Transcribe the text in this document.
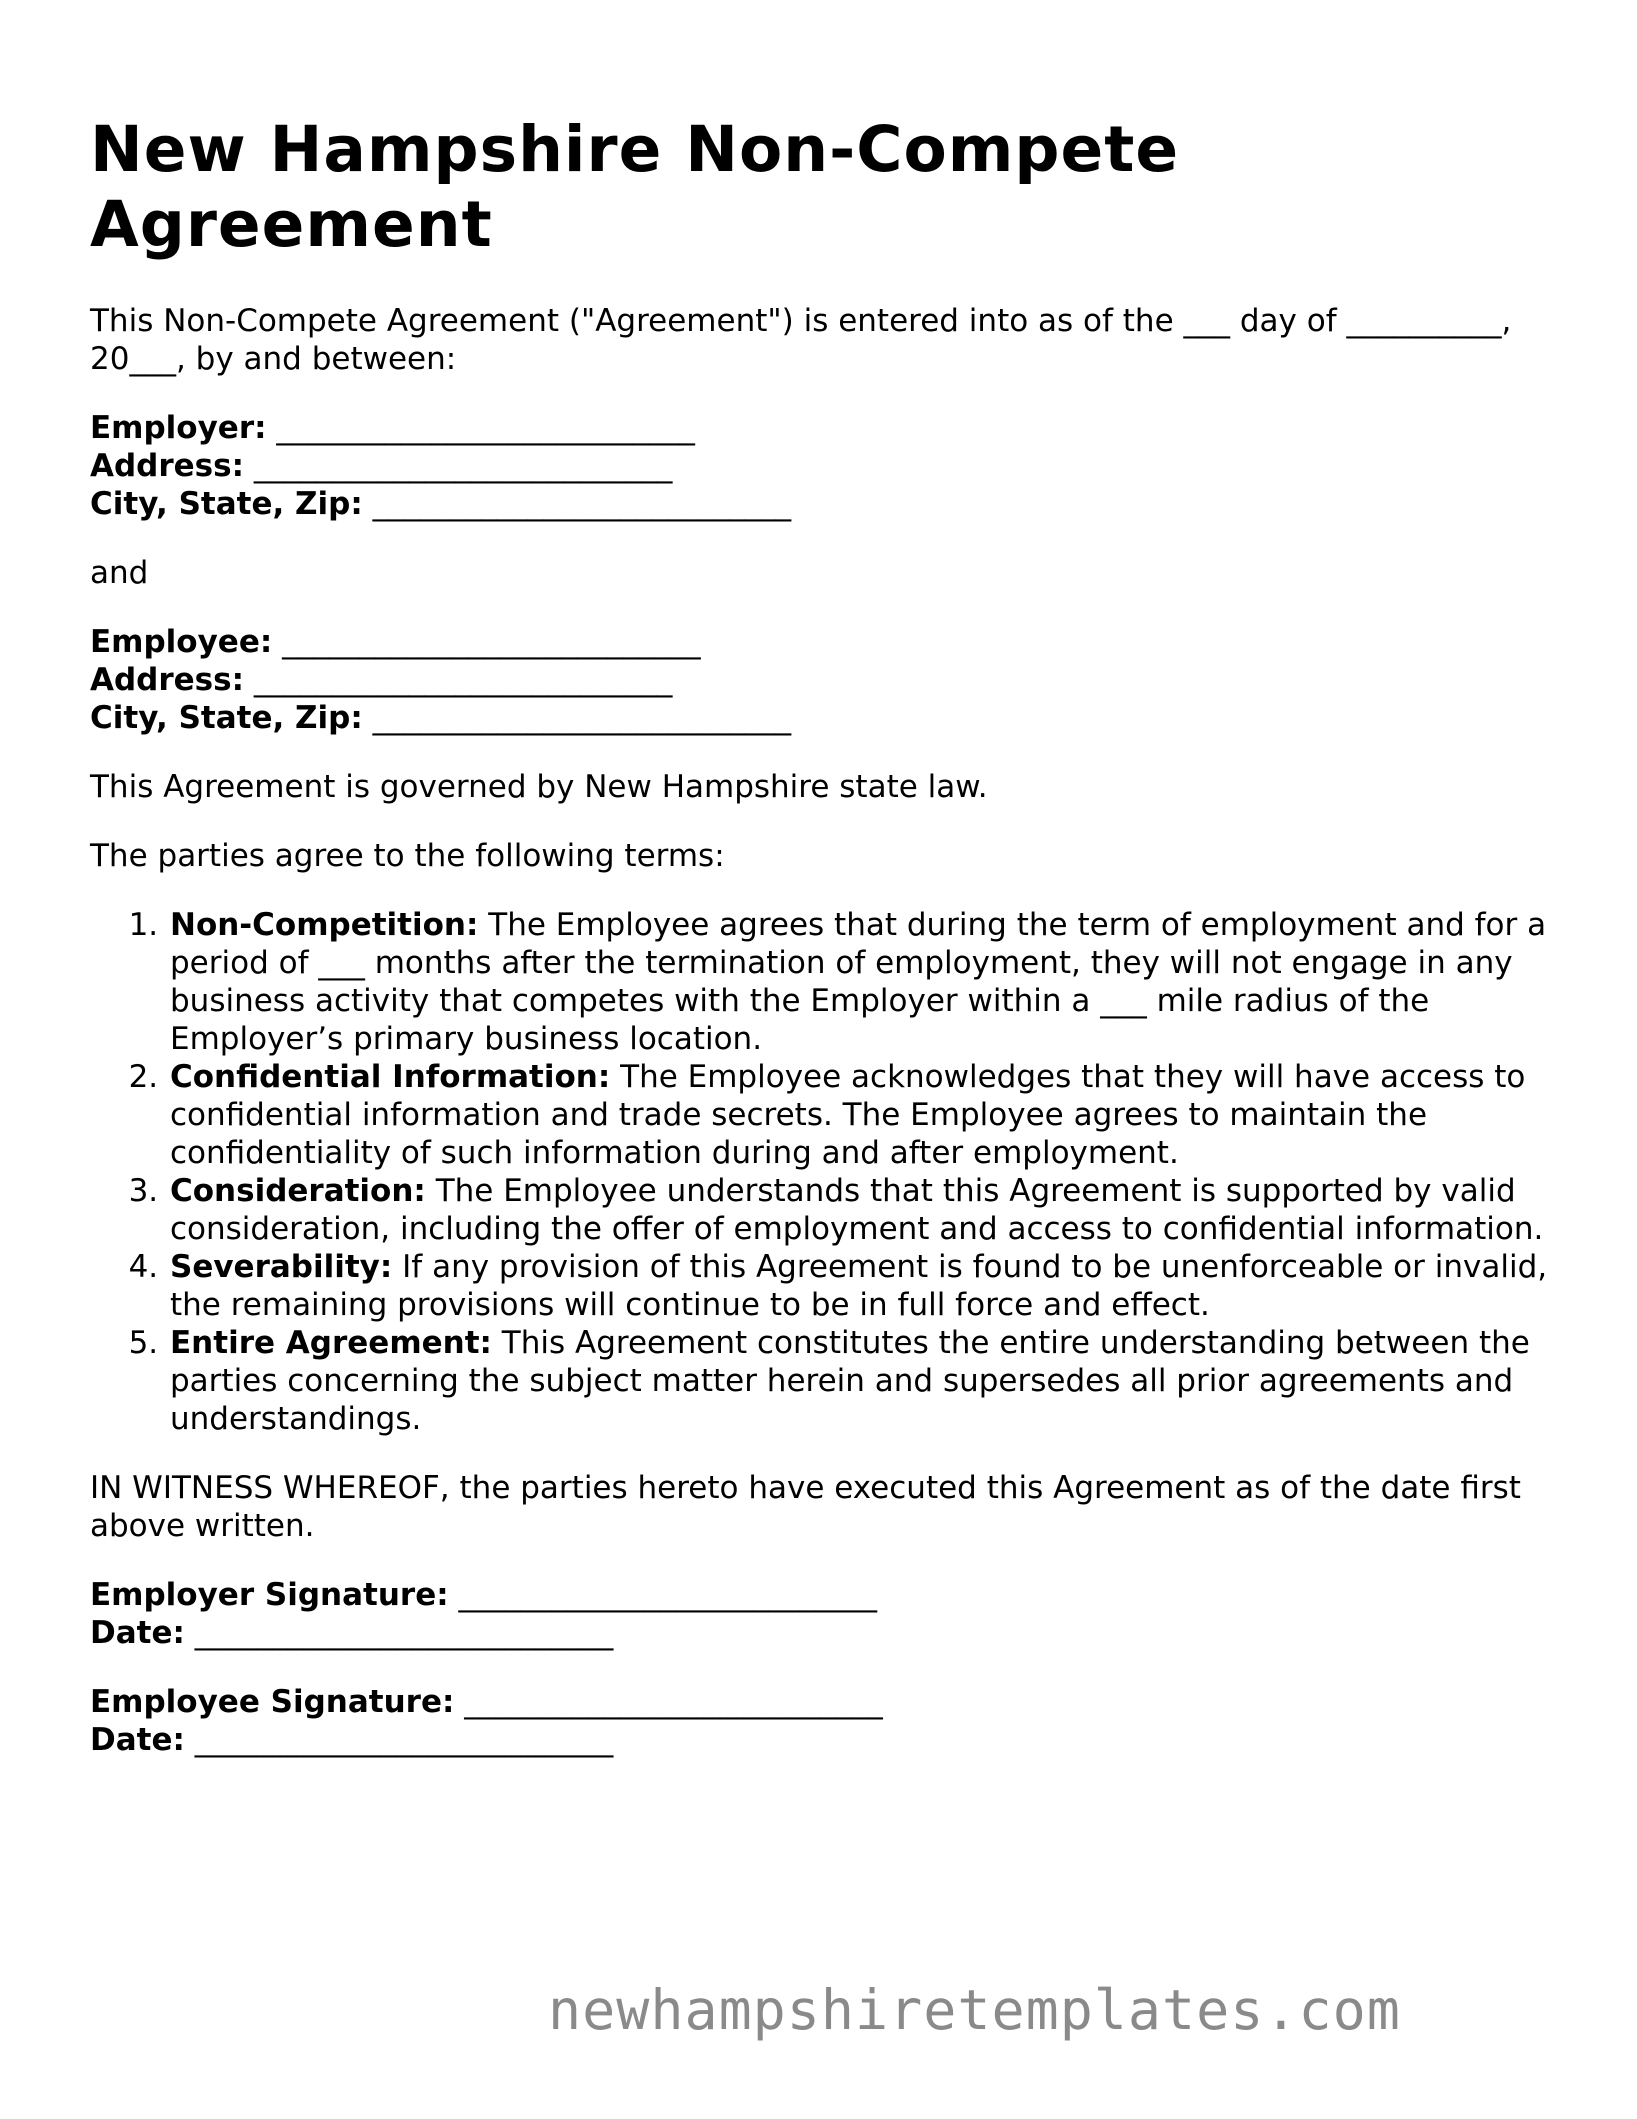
New Hampshire Non-Compete Agreement

This Non-Compete Agreement ("Agreement") is entered into as of the ___ day of __________, 20___, by and between:

Employer: ___________________________
Address: ___________________________
City, State, Zip: ___________________________

and

Employee: ___________________________
Address: ___________________________
City, State, Zip: ___________________________

This Agreement is governed by New Hampshire state law.

The parties agree to the following terms:

1. Non-Competition: The Employee agrees that during the term of employment and for a period of ___ months after the termination of employment, they will not engage in any business activity that competes with the Employer within a ___ mile radius of the Employer’s primary business location.
2. Confidential Information: The Employee acknowledges that they will have access to confidential information and trade secrets. The Employee agrees to maintain the confidentiality of such information during and after employment.
3. Consideration: The Employee understands that this Agreement is supported by valid consideration, including the offer of employment and access to confidential information.
4. Severability: If any provision of this Agreement is found to be unenforceable or invalid, the remaining provisions will continue to be in full force and effect.
5. Entire Agreement: This Agreement constitutes the entire understanding between the parties concerning the subject matter herein and supersedes all prior agreements and understandings.

IN WITNESS WHEREOF, the parties hereto have executed this Agreement as of the date first above written.

Employer Signature: ___________________________
Date: ___________________________
Employee Signature: ___________________________
Date: ___________________________
newhampshiretemplates.com
